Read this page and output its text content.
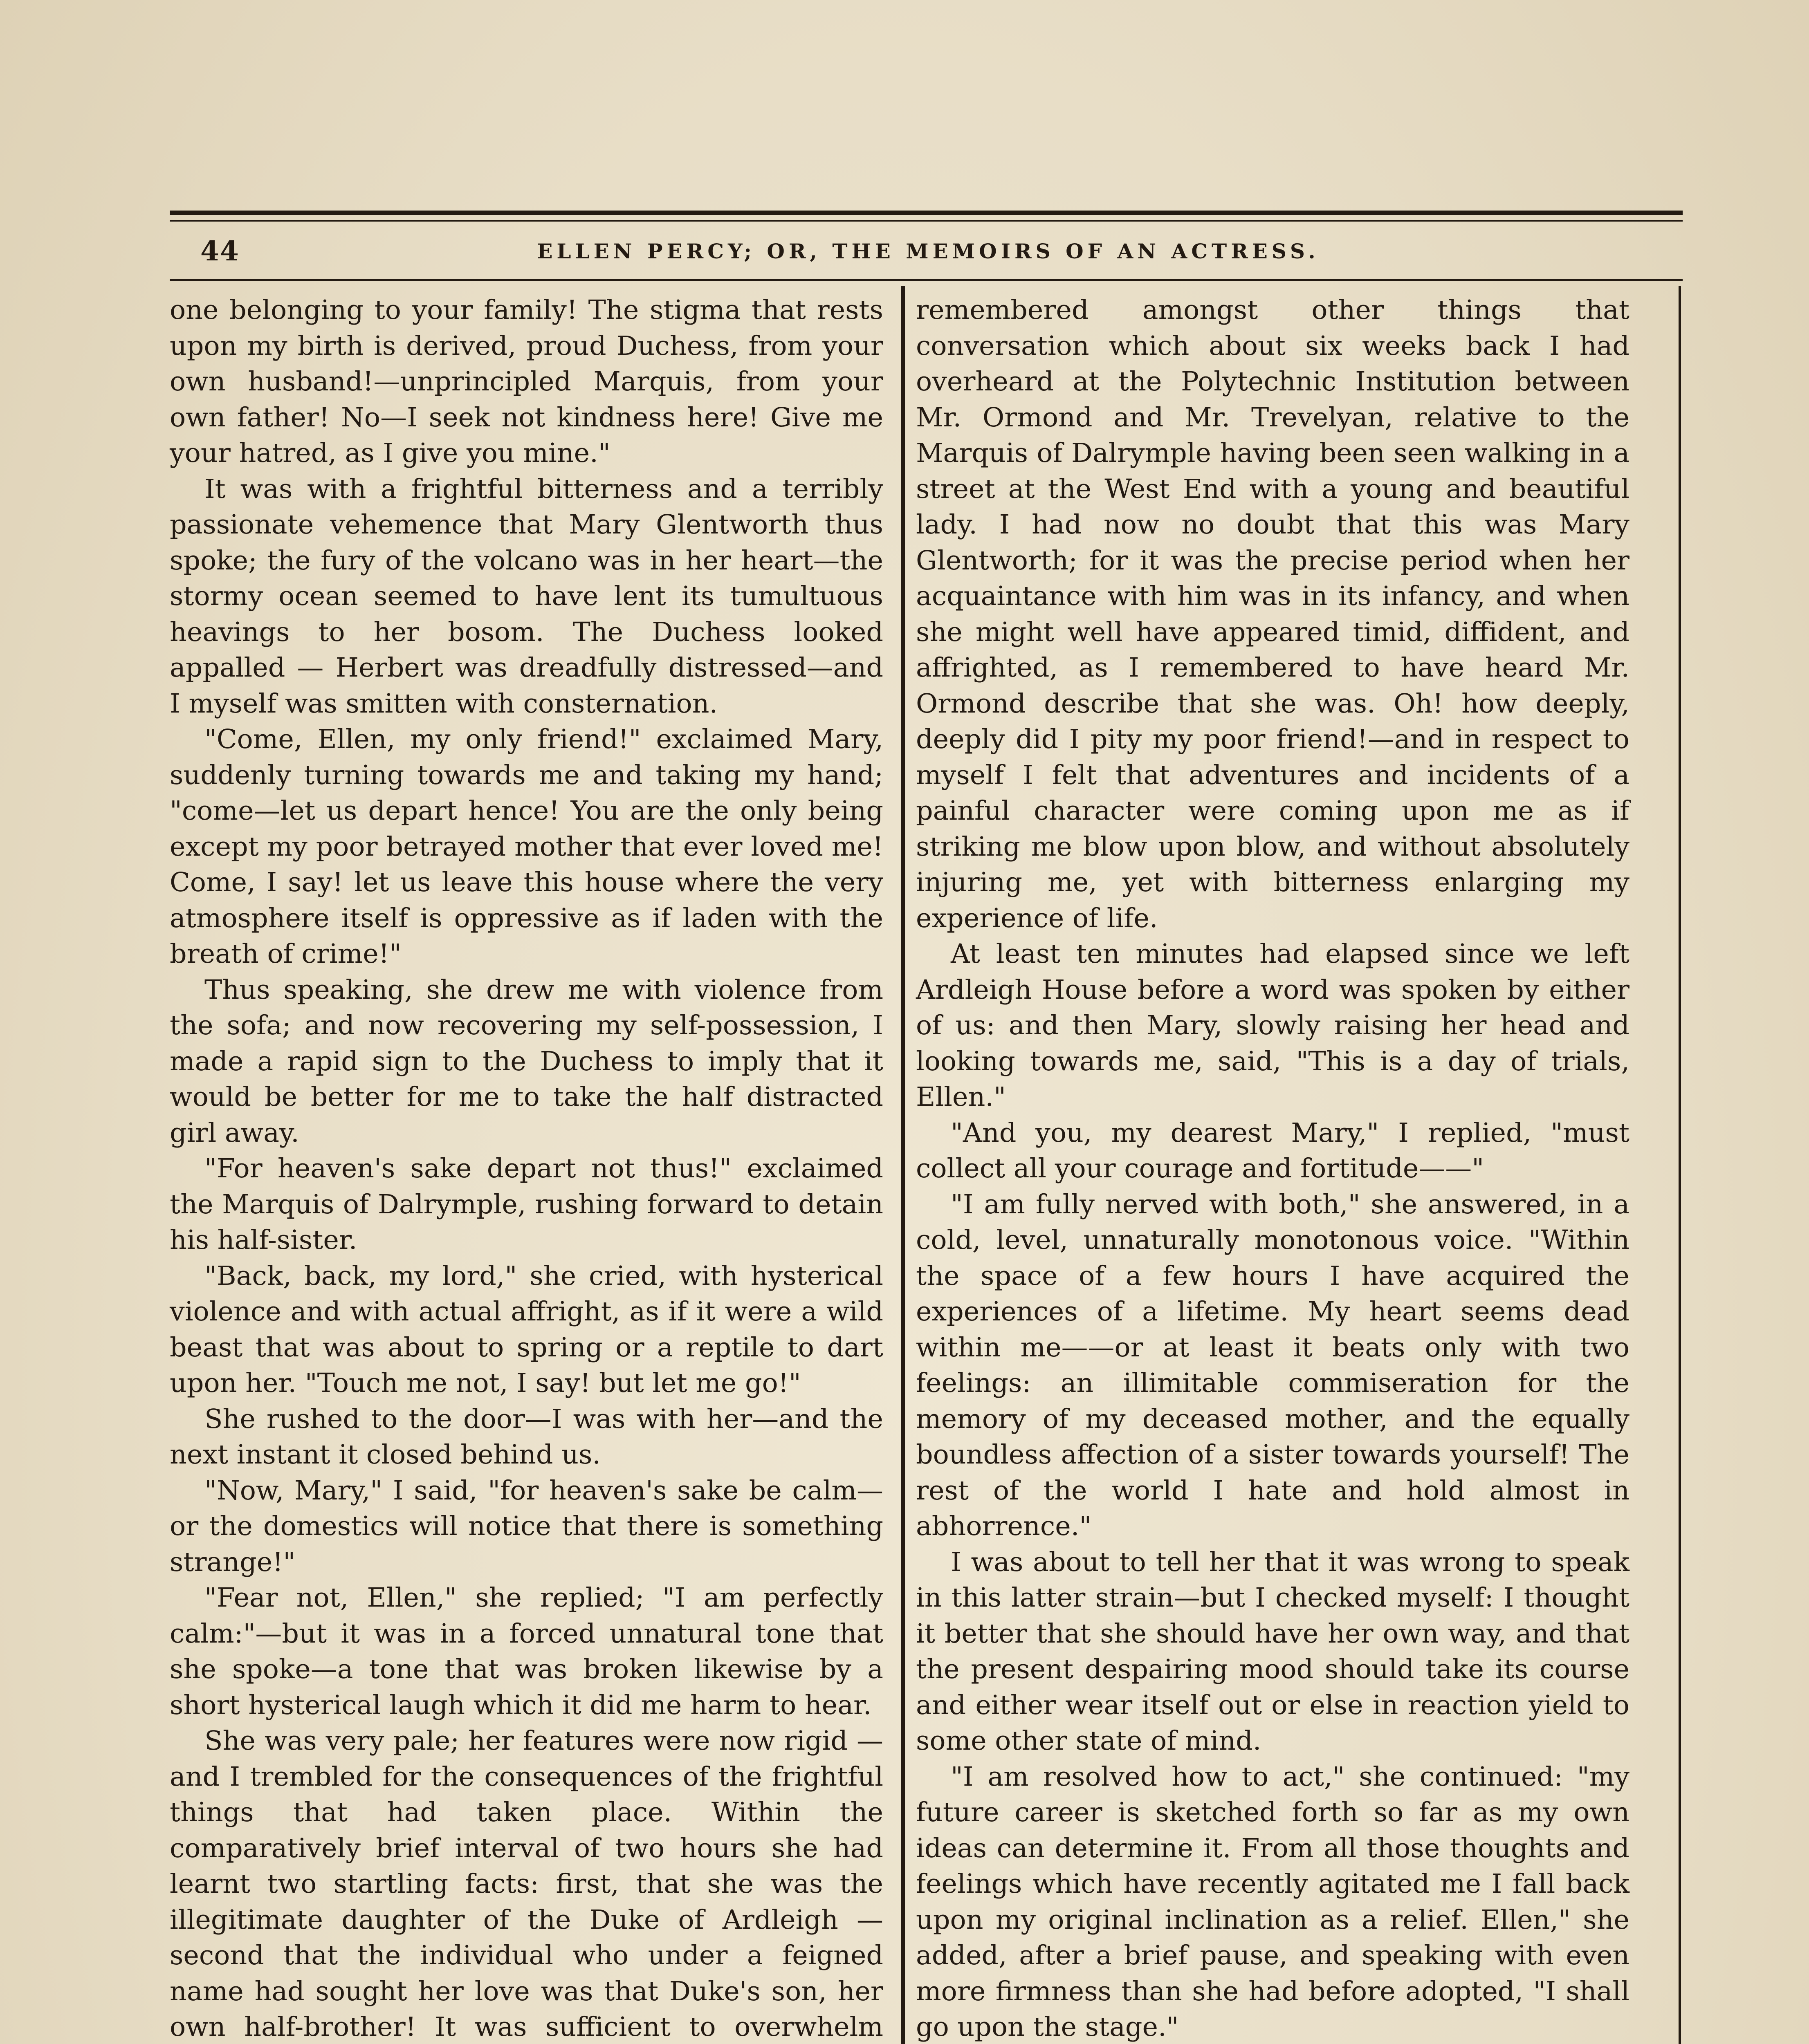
44	ELLEN PERCY; OR, THE MEMOIRS OF AN ACTRESS.

one belonging to your family! The stigma that rests upon my birth is derived, proud Duchess, from your own husband!—unprincipled Marquis, from your own father! No—I seek not kindness here! Give me your hatred, as I give you mine."

It was with a frightful bitterness and a terribly passionate vehemence that Mary Glentworth thus spoke; the fury of the volcano was in her heart—the stormy ocean seemed to have lent its tumultuous heavings to her bosom. The Duchess looked appalled — Herbert was dreadfully distressed—and I myself was smitten with consternation.

"Come, Ellen, my only friend!" exclaimed Mary, suddenly turning towards me and taking my hand; "come—let us depart hence! You are the only being except my poor betrayed mother that ever loved me! Come, I say! let us leave this house where the very atmosphere itself is oppressive as if laden with the breath of crime!"

Thus speaking, she drew me with violence from the sofa; and now recovering my self-possession, I made a rapid sign to the Duchess to imply that it would be better for me to take the half distracted girl away.

"For heaven's sake depart not thus!" exclaimed the Marquis of Dalrymple, rushing forward to detain his half-sister.

"Back, back, my lord," she cried, with hysterical violence and with actual affright, as if it were a wild beast that was about to spring or a reptile to dart upon her. "Touch me not, I say! but let me go!"

She rushed to the door—I was with her—and the next instant it closed behind us.

"Now, Mary," I said, "for heaven's sake be calm—or the domestics will notice that there is something strange!"

"Fear not, Ellen," she replied; "I am perfectly calm:"—but it was in a forced unnatural tone that she spoke—a tone that was broken likewise by a short hysterical laugh which it did me harm to hear.

She was very pale; her features were now rigid —and I trembled for the consequences of the frightful things that had taken place. Within the comparatively brief interval of two hours she had learnt two startling facts: first, that she was the illegitimate daughter of the Duke of Ardleigh —second that the individual who under a feigned name had sought her love was that Duke's son, her own half-brother! It was sufficient to overwhelm

remembered amongst other things that conversation which about six weeks back I had overheard at the Polytechnic Institution between Mr. Ormond and Mr. Trevelyan, relative to the Marquis of Dalrymple having been seen walking in a street at the West End with a young and beautiful lady. I had now no doubt that this was Mary Glentworth; for it was the precise period when her acquaintance with him was in its infancy, and when she might well have appeared timid, diffident, and affrighted, as I remembered to have heard Mr. Ormond describe that she was. Oh! how deeply, deeply did I pity my poor friend!—and in respect to myself I felt that adventures and incidents of a painful character were coming upon me as if striking me blow upon blow, and without absolutely injuring me, yet with bitterness enlarging my experience of life.

At least ten minutes had elapsed since we left Ardleigh House before a word was spoken by either of us: and then Mary, slowly raising her head and looking towards me, said, "This is a day of trials, Ellen."

"And you, my dearest Mary," I replied, "must collect all your courage and fortitude——"

"I am fully nerved with both," she answered, in a cold, level, unnaturally monotonous voice. "Within the space of a few hours I have acquired the experiences of a lifetime. My heart seems dead within me——or at least it beats only with two feelings: an illimitable commiseration for the memory of my deceased mother, and the equally boundless affection of a sister towards yourself! The rest of the world I hate and hold almost in abhorrence."

I was about to tell her that it was wrong to speak in this latter strain—but I checked myself: I thought it better that she should have her own way, and that the present despairing mood should take its course and either wear itself out or else in reaction yield to some other state of mind.

"I am resolved how to act," she continued: "my future career is sketched forth so far as my own ideas can determine it. From all those thoughts and feelings which have recently agitated me I fall back upon my original inclination as a relief. Ellen," she added, after a brief pause, and speaking with even more firmness than she had before adopted, "I shall go upon the stage."
